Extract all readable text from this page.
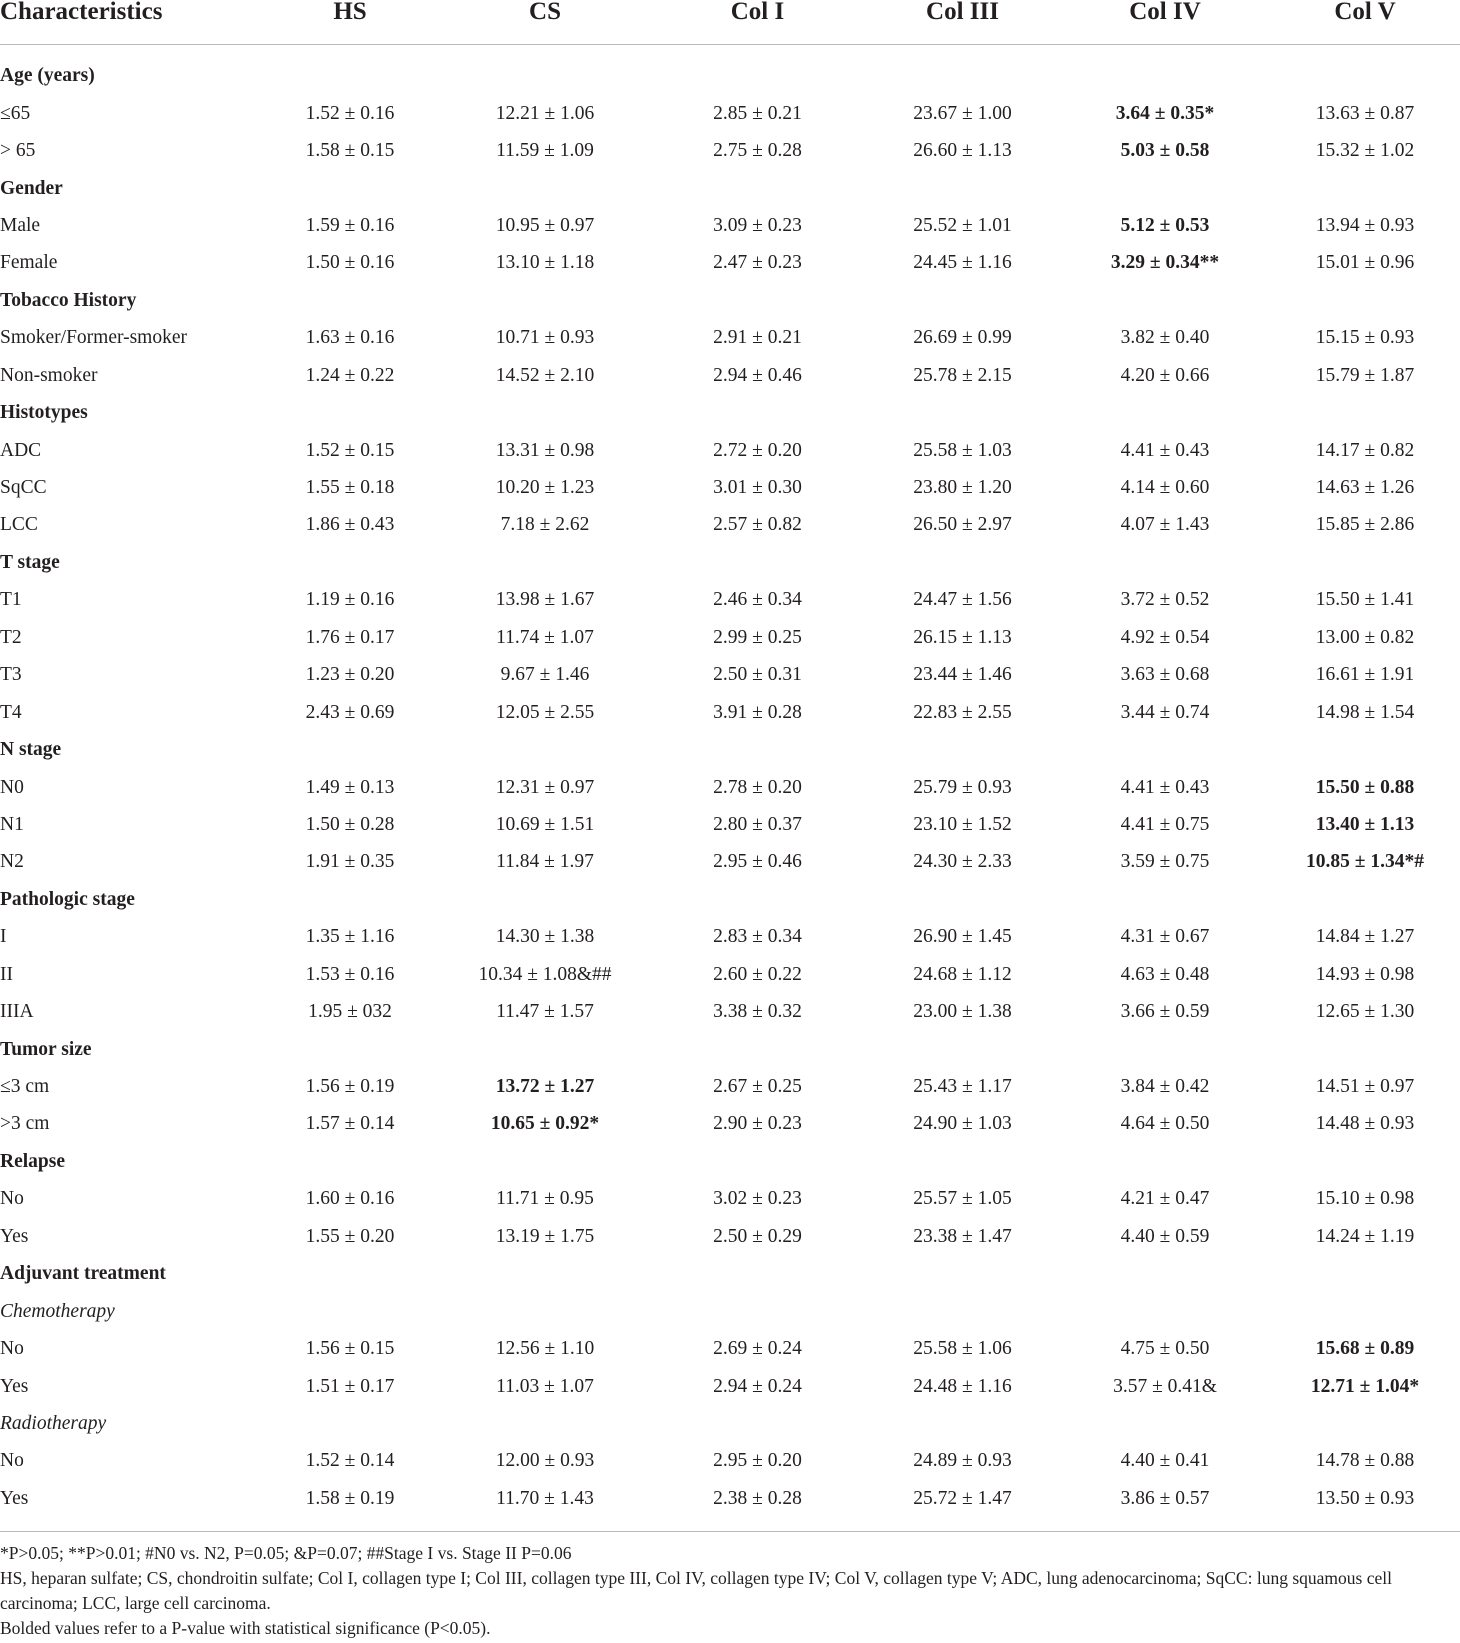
Characteristics	HS	CS	Col I	Col III	Col IV	Col V

Age (years)						
≤65	1.52 ± 0.16	12.21 ± 1.06	2.85 ± 0.21	23.67 ± 1.00	3.64 ± 0.35*	13.63 ± 0.87
> 65	1.58 ± 0.15	11.59 ± 1.09	2.75 ± 0.28	26.60 ± 1.13	5.03 ± 0.58	15.32 ± 1.02
Gender						
Male	1.59 ± 0.16	10.95 ± 0.97	3.09 ± 0.23	25.52 ± 1.01	5.12 ± 0.53	13.94 ± 0.93
Female	1.50 ± 0.16	13.10 ± 1.18	2.47 ± 0.23	24.45 ± 1.16	3.29 ± 0.34**	15.01 ± 0.96
Tobacco History						
Smoker/Former-smoker	1.63 ± 0.16	10.71 ± 0.93	2.91 ± 0.21	26.69 ± 0.99	3.82 ± 0.40	15.15 ± 0.93
Non-smoker	1.24 ± 0.22	14.52 ± 2.10	2.94 ± 0.46	25.78 ± 2.15	4.20 ± 0.66	15.79 ± 1.87
Histotypes						
ADC	1.52 ± 0.15	13.31 ± 0.98	2.72 ± 0.20	25.58 ± 1.03	4.41 ± 0.43	14.17 ± 0.82
SqCC	1.55 ± 0.18	10.20 ± 1.23	3.01 ± 0.30	23.80 ± 1.20	4.14 ± 0.60	14.63 ± 1.26
LCC	1.86 ± 0.43	7.18 ± 2.62	2.57 ± 0.82	26.50 ± 2.97	4.07 ± 1.43	15.85 ± 2.86
T stage						
T1	1.19 ± 0.16	13.98 ± 1.67	2.46 ± 0.34	24.47 ± 1.56	3.72 ± 0.52	15.50 ± 1.41
T2	1.76 ± 0.17	11.74 ± 1.07	2.99 ± 0.25	26.15 ± 1.13	4.92 ± 0.54	13.00 ± 0.82
T3	1.23 ± 0.20	9.67 ± 1.46	2.50 ± 0.31	23.44 ± 1.46	3.63 ± 0.68	16.61 ± 1.91
T4	2.43 ± 0.69	12.05 ± 2.55	3.91 ± 0.28	22.83 ± 2.55	3.44 ± 0.74	14.98 ± 1.54
N stage						
N0	1.49 ± 0.13	12.31 ± 0.97	2.78 ± 0.20	25.79 ± 0.93	4.41 ± 0.43	15.50 ± 0.88
N1	1.50 ± 0.28	10.69 ± 1.51	2.80 ± 0.37	23.10 ± 1.52	4.41 ± 0.75	13.40 ± 1.13
N2	1.91 ± 0.35	11.84 ± 1.97	2.95 ± 0.46	24.30 ± 2.33	3.59 ± 0.75	10.85 ± 1.34*#
Pathologic stage						
I	1.35 ± 1.16	14.30 ± 1.38	2.83 ± 0.34	26.90 ± 1.45	4.31 ± 0.67	14.84 ± 1.27
II	1.53 ± 0.16	10.34 ± 1.08&##	2.60 ± 0.22	24.68 ± 1.12	4.63 ± 0.48	14.93 ± 0.98
IIIA	1.95 ± 032	11.47 ± 1.57	3.38 ± 0.32	23.00 ± 1.38	3.66 ± 0.59	12.65 ± 1.30
Tumor size						
≤3 cm	1.56 ± 0.19	13.72 ± 1.27	2.67 ± 0.25	25.43 ± 1.17	3.84 ± 0.42	14.51 ± 0.97
>3 cm	1.57 ± 0.14	10.65 ± 0.92*	2.90 ± 0.23	24.90 ± 1.03	4.64 ± 0.50	14.48 ± 0.93
Relapse						
No	1.60 ± 0.16	11.71 ± 0.95	3.02 ± 0.23	25.57 ± 1.05	4.21 ± 0.47	15.10 ± 0.98
Yes	1.55 ± 0.20	13.19 ± 1.75	2.50 ± 0.29	23.38 ± 1.47	4.40 ± 0.59	14.24 ± 1.19
Adjuvant treatment						
Chemotherapy						
No	1.56 ± 0.15	12.56 ± 1.10	2.69 ± 0.24	25.58 ± 1.06	4.75 ± 0.50	15.68 ± 0.89
Yes	1.51 ± 0.17	11.03 ± 1.07	2.94 ± 0.24	24.48 ± 1.16	3.57 ± 0.41&	12.71 ± 1.04*
Radiotherapy						
No	1.52 ± 0.14	12.00 ± 0.93	2.95 ± 0.20	24.89 ± 0.93	4.40 ± 0.41	14.78 ± 0.88
Yes	1.58 ± 0.19	11.70 ± 1.43	2.38 ± 0.28	25.72 ± 1.47	3.86 ± 0.57	13.50 ± 0.93

*P>0.05; **P>0.01; #N0 vs. N2, P=0.05; &P=0.07; ##Stage I vs. Stage II P=0.06

HS, heparan sulfate; CS, chondroitin sulfate; Col I, collagen type I; Col III, collagen type III, Col IV, collagen type IV; Col V, collagen type V; ADC, lung adenocarcinoma; SqCC: lung squamous cell carcinoma; LCC, large cell carcinoma.

Bolded values refer to a P-value with statistical significance (P<0.05).
